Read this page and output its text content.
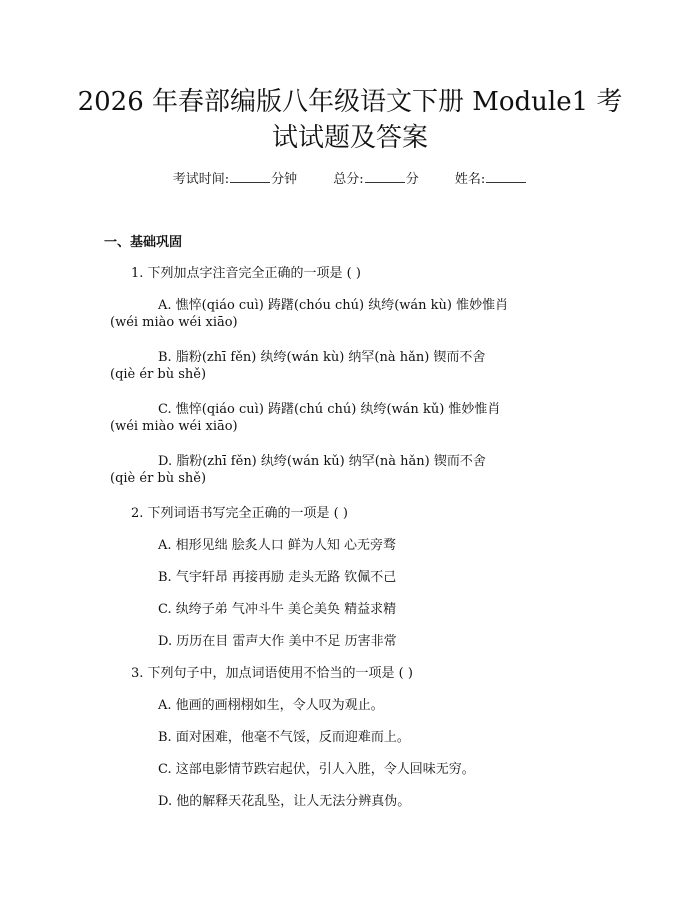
2026 年春部编版八年级语文下册 Module1 考
试试题及答案
考试时间:	分钟	总分:	分	姓名:
一、基础巩固
1. 下列加点字注音完全正确的一项是 ( )
A. 憔悴(qiáo cuì) 踌躇(chóu chú) 纨绔(wán kù) 惟妙惟肖
(wéi miào wéi xiāo)
B. 脂粉(zhī fěn) 纨绔(wán kù) 纳罕(nà hǎn) 锲而不舍
(qiè ér bù shě)
C. 憔悴(qiáo cuì) 踌躇(chú chú) 纨绔(wán kǔ) 惟妙惟肖
(wéi miào wéi xiāo)
D. 脂粉(zhī fěn) 纨绔(wán kǔ) 纳罕(nà hǎn) 锲而不舍
(qiè ér bù shě)
2. 下列词语书写完全正确的一项是 ( )
A. 相形见绌 脍炙人口 鲜为人知 心无旁骛
B. 气宇轩昂 再接再励 走头无路 钦佩不己
C. 纨绔子弟 气冲斗牛 美仑美奂 精益求精
D. 历历在目 雷声大作 美中不足 历害非常
3. 下列句子中，加点词语使用不恰当的一项是 ( )
A. 他画的画栩栩如生，令人叹为观止。
B. 面对困难，他毫不气馁，反而迎难而上。
C. 这部电影情节跌宕起伏，引人入胜，令人回味无穷。
D. 他的解释天花乱坠，让人无法分辨真伪。
